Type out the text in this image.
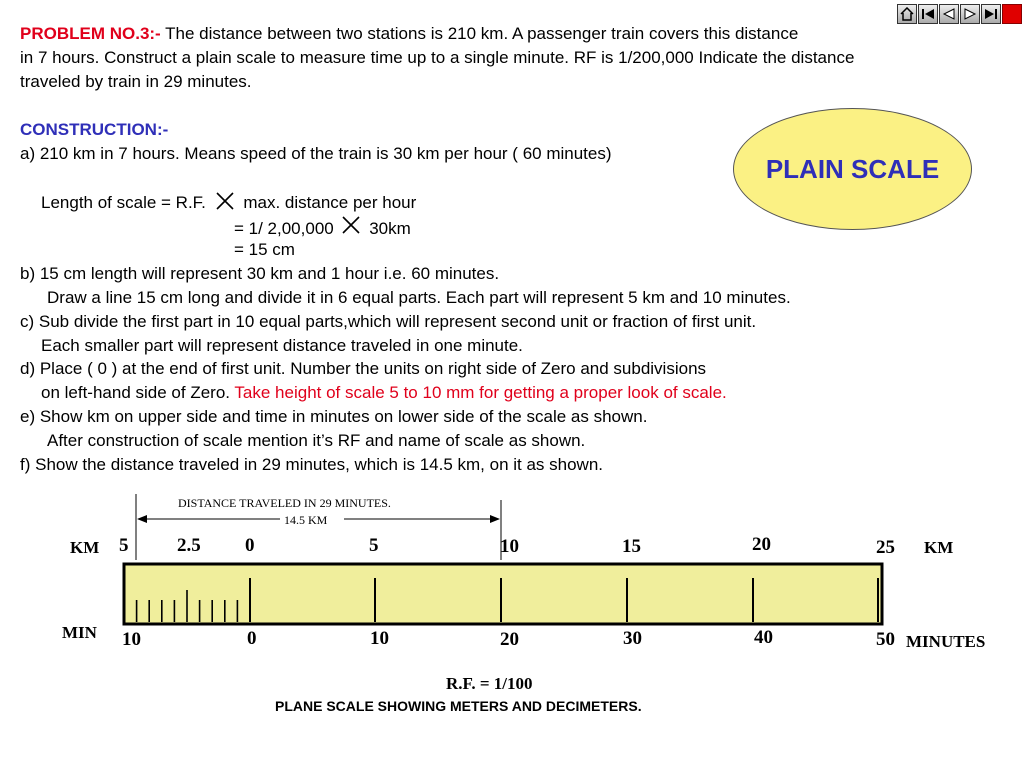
PROBLEM NO.3:- The distance between two stations is 210 km. A passenger train covers this distance
in 7 hours. Construct a plain scale to measure time up to a single minute. RF is 1/200,000 Indicate the distance
traveled by train in 29 minutes.
CONSTRUCTION:-
a) 210 km in 7 hours. Means speed of the train is 30 km per hour ( 60 minutes)
Length of scale = R.F. max. distance per hour
= 1/ 2,00,000 30km
= 15 cm
b) 15 cm length will represent 30 km and 1 hour i.e. 60 minutes.
Draw a line 15 cm long and divide it in 6 equal parts. Each part will represent 5 km and 10 minutes.
c) Sub divide the first part in 10 equal parts,which will represent second unit or fraction of first unit.
Each smaller part will represent distance traveled in one minute.
d) Place ( 0 ) at the end of first unit. Number the units on right side of Zero and subdivisions
on left-hand side of Zero. Take height of scale 5 to 10 mm for getting a proper look of scale.
e) Show km on upper side and time in minutes on lower side of the scale as shown.
After construction of scale mention it’s RF and name of scale as shown.
f) Show the distance traveled in 29 minutes, which is 14.5 km, on it as shown.
PLAIN SCALE
DISTANCE TRAVELED IN 29 MINUTES.
14.5 KM
KM	KM
MIN	MINUTES
5	2.5 0	5	10	15	20	25
10	0	10	20	30	40	50
R.F. = 1/100
PLANE SCALE SHOWING METERS AND DECIMETERS.
